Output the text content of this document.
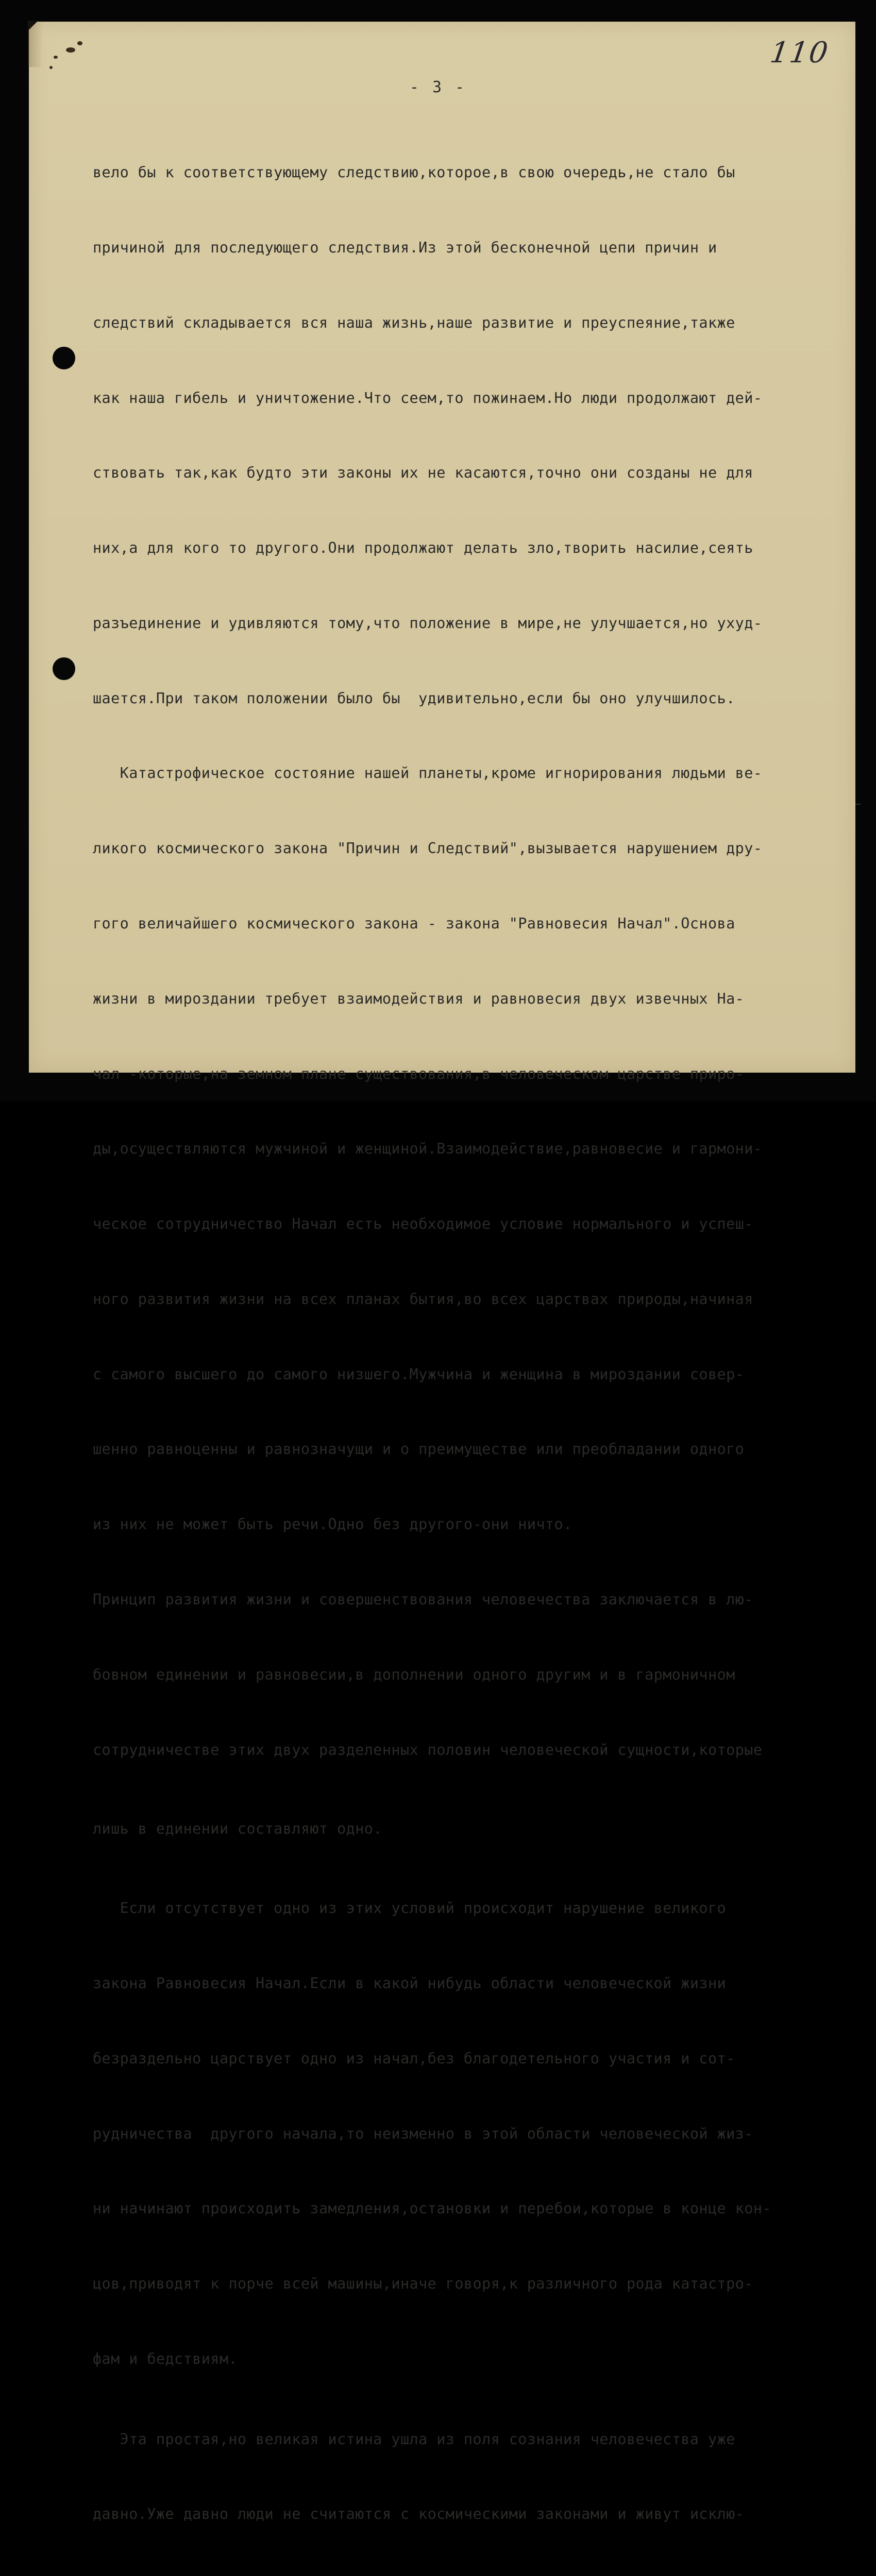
110
- 3 -

вело бы к соответствующему следствию,которое,в свою очередь,не стало бы

причиной для последующего следствия.Из этой бесконечной цепи причин и

следствий складывается вся наша жизнь,наше развитие и преуспеяние,также

как наша гибель и уничтожение.Что сеем,то пожинаем.Но люди продолжают дей-

ствовать так,как будто эти законы их не касаются,точно они созданы не для

них,а для кого то другого.Они продолжают делать зло,творить насилие,сеять

разъединение и удивляются тому,что положение в мире,не улучшается,но ухуд-

шается.При таком положении было бы  удивительно,если бы оно улучшилось.

Катастрофическое состояние нашей планеты,кроме игнорирования людьми ве-

ликого космического закона "Причин и Следствий",вызывается нарушением дру-

гого величайшего космического закона - закона "Равновесия Начал".Основа

жизни в мироздании требует взаимодействия и равновесия двух извечных На-

чал -которые,на земном плане существования,в человеческом царстве приро-

ды,осуществляются мужчиной и женщиной.Взаимодействие,равновесие и гармони-

ческое сотрудничество Начал есть необходимое условие нормального и успеш-

ного развития жизни на всех планах бытия,во всех царствах природы,начиная

с самого высшего до самого низшего.Мужчина и женщина в мироздании совер-

шенно равноценны и равнозначущи и о преимуществе или преобладании одного

из них не может быть речи.Одно без другого-они ничто.

Принцип развития жизни и совершенствования человечества заключается в лю-

бовном единении и равновесии,в дополнении одного другим и в гармоничном

сотрудничестве этих двух разделенных половин человеческой сущности,которые

лишь в единении составляют одно.

Если отсутствует одно из этих условий происходит нарушение великого

закона Равновесия Начал.Если в какой нибудь области человеческой жизни

безраздельно царствует одно из начал,без благодетельного участия и сот-

рудничества  другого начала,то неизменно в этой области человеческой жиз-

ни начинают происходить замедления,остановки и перебои,которые в конце кон-

цов,приводят к порче всей машины,иначе говоря,к различного рода катастро-

фам и бедствиям.

Эта простая,но великая истина ушла из поля сознания человечества уже

давно.Уже давно люди не считаются с космическими законами и живут исклю-
